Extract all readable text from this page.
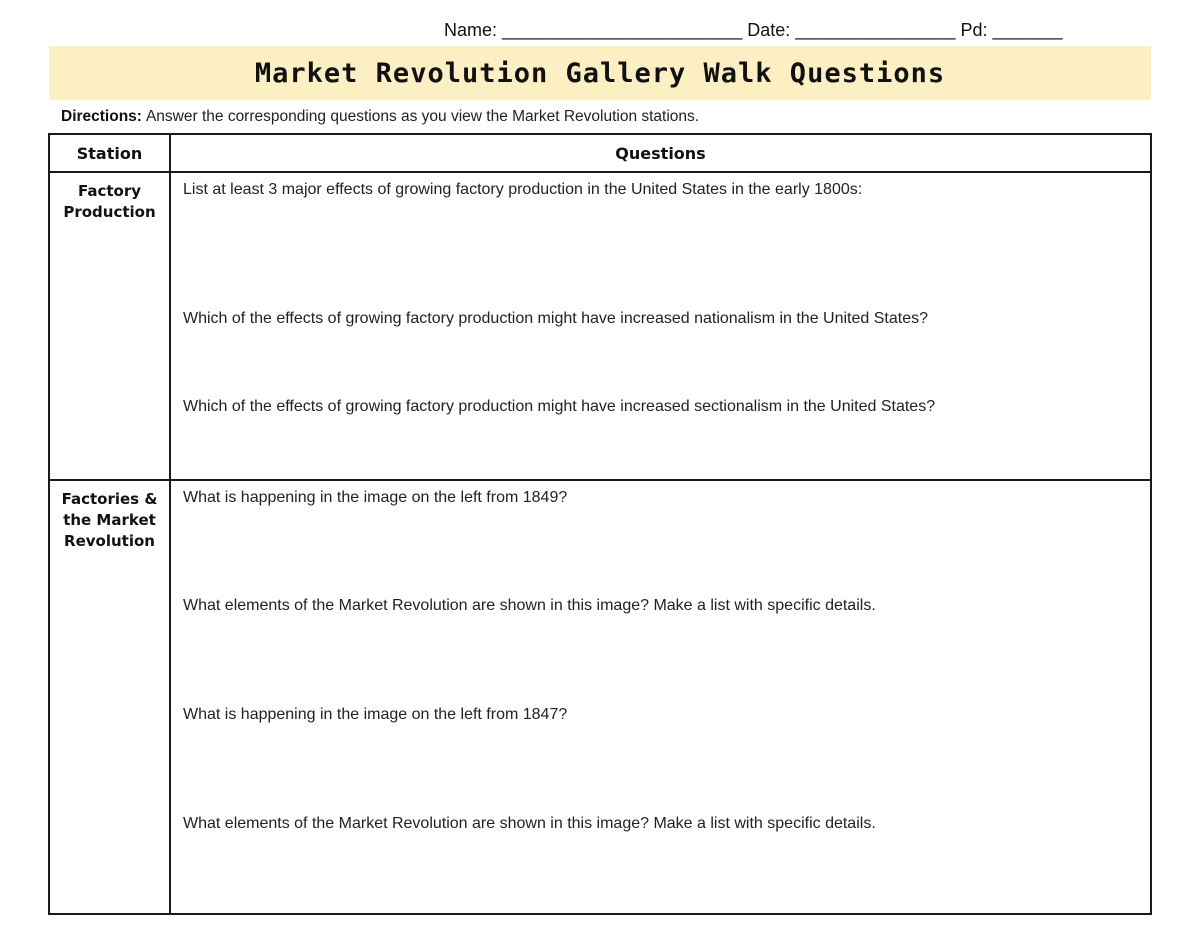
Name: ________________________ Date: ________________ Pd: _______
Market Revolution Gallery Walk Questions
Directions: Answer the corresponding questions as you view the Market Revolution stations.
Station	Questions
Factory Production	List at least 3 major effects of growing factory production in the United States in the early 1800s:
Which of the effects of growing factory production might have increased nationalism in the United States?
Which of the effects of growing factory production might have increased sectionalism in the United States?

Factories & the Market Revolution	What is happening in the image on the left from 1849?
What elements of the Market Revolution are shown in this image? Make a list with specific details.
What is happening in the image on the left from 1847?
What elements of the Market Revolution are shown in this image? Make a list with specific details.
